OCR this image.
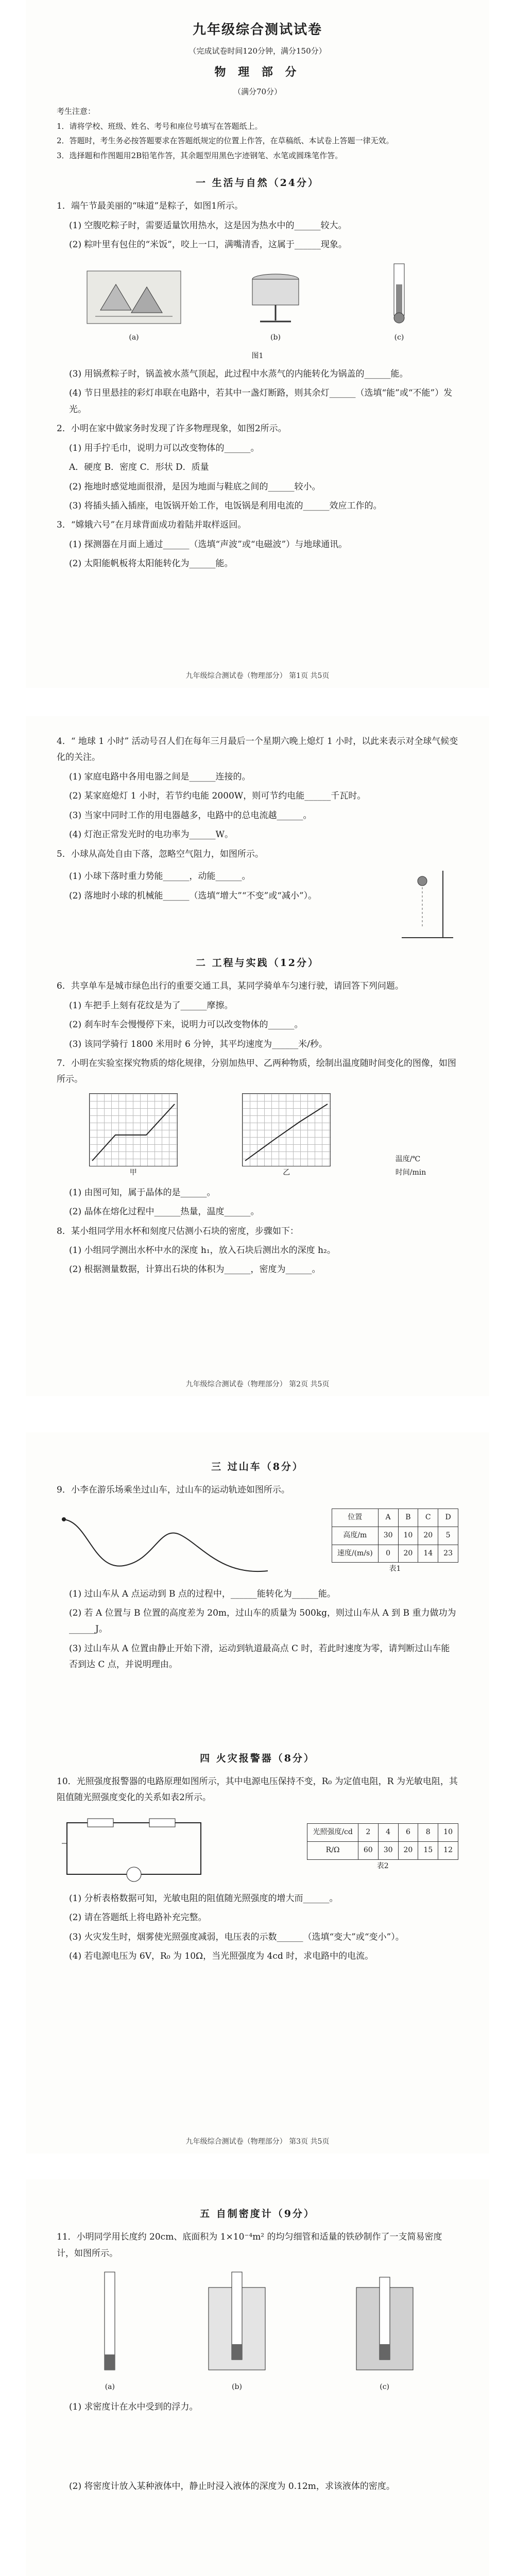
九年级综合测试试卷
（完成试卷时间120分钟，满分150分）
物 理 部 分
（满分70分）
考生注意：
1．请将学校、班级、姓名、考号和座位号填写在答题纸上。
2．答题时，考生务必按答题要求在答题纸规定的位置上作答，在草稿纸、本试卷上答题一律无效。
3．选择题和作图题用2B铅笔作答，其余题型用黑色字迹钢笔、水笔或圆珠笔作答。
一 生活与自然（24分）
1．端午节最美丽的“味道”是粽子，如图1所示。
(1) 空腹吃粽子时，需要适量饮用热水，这是因为热水中的______较大。
(2) 粽叶里有包住的“米饭”，咬上一口，满嘴清香，这属于______现象。
(a)	(b)	(c)
图1
(3) 用锅煮粽子时，锅盖被水蒸气顶起，此过程中水蒸气的内能转化为锅盖的______能。
(4) 节日里悬挂的彩灯串联在电路中，若其中一盏灯断路，则其余灯______（选填“能”或“不能”）发光。
2．小明在家中做家务时发现了许多物理现象，如图2所示。
(1) 用手拧毛巾，说明力可以改变物体的______。
A．硬度 B．密度 C．形状 D．质量
(2) 拖地时感觉地面很滑，是因为地面与鞋底之间的______较小。
(3) 将插头插入插座，电饭锅开始工作，电饭锅是利用电流的______效应工作的。
3．“嫦娥六号”在月球背面成功着陆并取样返回。
(1) 探测器在月面上通过______（选填“声波”或“电磁波”）与地球通讯。
(2) 太阳能帆板将太阳能转化为______能。
九年级综合测试卷（物理部分） 第1页 共5页
4．“ 地球 1 小时” 活动号召人们在每年三月最后一个星期六晚上熄灯 1 小时，以此来表示对全球气候变化的关注。
(1) 家庭电路中各用电器之间是______连接的。
(2) 某家庭熄灯 1 小时，若节约电能 2000W，则可节约电能______千瓦时。
(3) 当家中同时工作的用电器越多，电路中的总电流越______。
(4) 灯泡正常发光时的电功率为______W。
5．小球从高处自由下落，忽略空气阻力，如图所示。
(1) 小球下落时重力势能______，动能______。
(2) 落地时小球的机械能______（选填“增大”“不变”或“减小”）。
二 工程与实践（12分）
6．共享单车是城市绿色出行的重要交通工具，某同学骑单车匀速行驶，请回答下列问题。
(1) 车把手上刻有花纹是为了______摩擦。
(2) 刹车时车会慢慢停下来，说明力可以改变物体的______。
(3) 该同学骑行 1800 米用时 6 分钟，其平均速度为______米/秒。
7．小明在实验室探究物质的熔化规律，分别加热甲、乙两种物质，绘制出温度随时间变化的图像，如图所示。
甲	乙
温度/℃
时间/min
(1) 由图可知，属于晶体的是______。
(2) 晶体在熔化过程中______热量，温度______。
8．某小组同学用水杯和刻度尺估测小石块的密度，步骤如下：
(1) 小组同学测出水杯中水的深度 h₁，放入石块后测出水的深度 h₂。
(2) 根据测量数据，计算出石块的体积为______，密度为______。
九年级综合测试卷（物理部分） 第2页 共5页
三 过山车（8分）
9．小李在游乐场乘坐过山车，过山车的运动轨迹如图所示。
位置	A	B	C	D
高度/m	30	10	20	5
速度/(m/s)	0	20	14	23
表1
(1) 过山车从 A 点运动到 B 点的过程中，______能转化为______能。
(2) 若 A 位置与 B 位置的高度差为 20m，过山车的质量为 500kg，则过山车从 A 到 B 重力做功为______J。
(3) 过山车从 A 位置由静止开始下滑，运动到轨道最高点 C 时，若此时速度为零，请判断过山车能否到达 C 点，并说明理由。
四 火灾报警器（8分）
10．光照强度报警器的电路原理如图所示，其中电源电压保持不变，R₀ 为定值电阻，R 为光敏电阻，其阻值随光照强度变化的关系如表2所示。
光照强度/cd	2	4	6	8	10
R/Ω	60	30	20	15	12
表2
(1) 分析表格数据可知，光敏电阻的阻值随光照强度的增大而______。
(2) 请在答题纸上将电路补充完整。
(3) 火灾发生时，烟雾使光照强度减弱，电压表的示数______（选填“变大”或“变小”）。
(4) 若电源电压为 6V，R₀ 为 10Ω，当光照强度为 4cd 时，求电路中的电流。
九年级综合测试卷（物理部分） 第3页 共5页
五 自制密度计（9分）
11．小明同学用长度约 20cm、底面积为 1×10⁻⁴m² 的均匀细管和适量的铁砂制作了一支简易密度计，如图所示。
(a)	(b)	(c)
(1) 求密度计在水中受到的浮力。
(2) 将密度计放入某种液体中，静止时浸入液体的深度为 0.12m，求该液体的密度。
